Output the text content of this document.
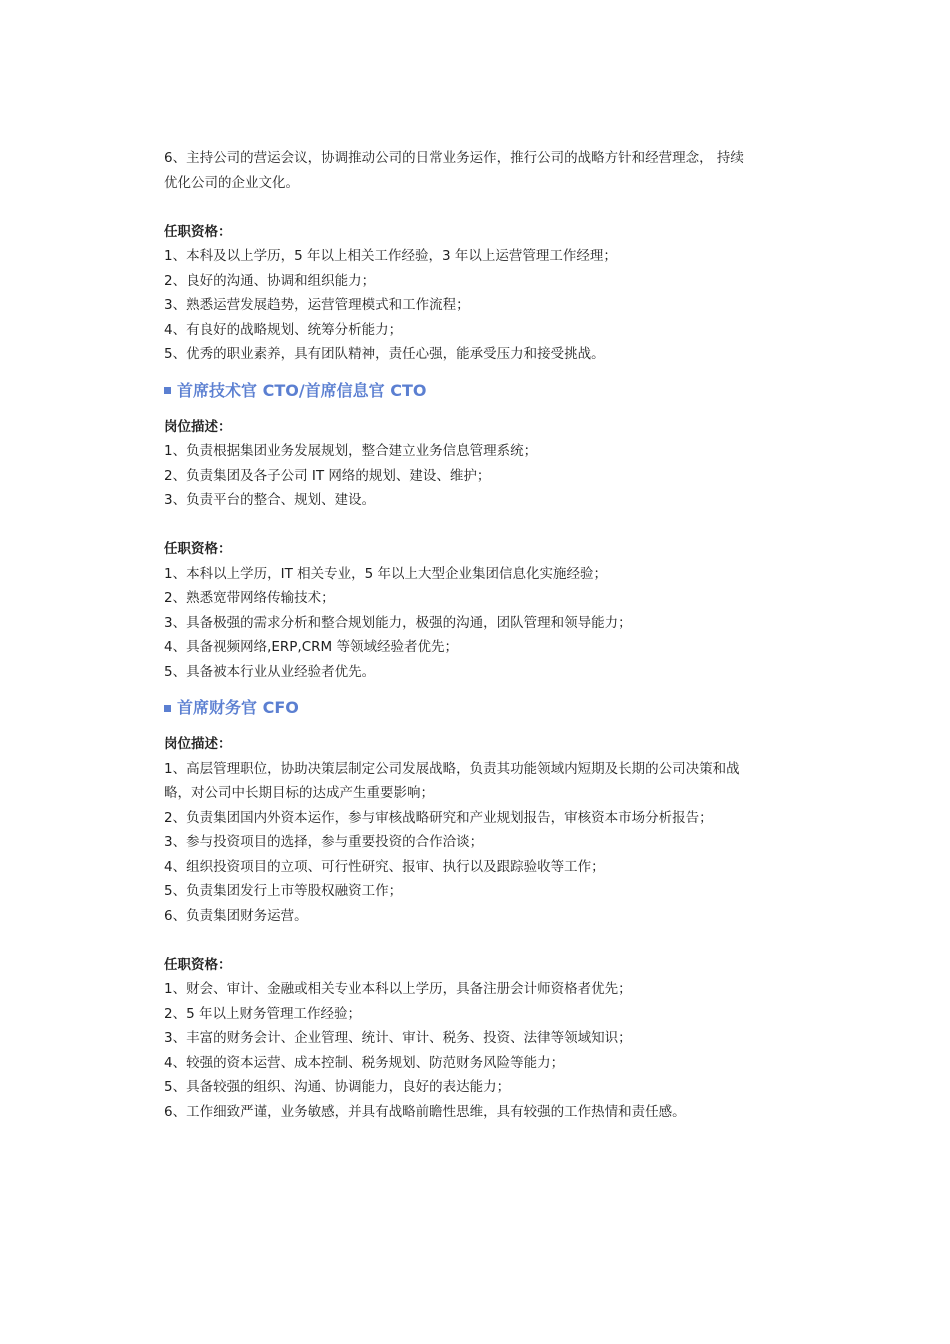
6、主持公司的营运会议，协调推动公司的日常业务运作，推行公司的战略方针和经营理念， 持续
优化公司的企业文化。
任职资格：
1、本科及以上学历，5 年以上相关工作经验，3 年以上运营管理工作经理；
2、良好的沟通、协调和组织能力；
3、熟悉运营发展趋势，运营管理模式和工作流程；
4、有良好的战略规划、统筹分析能力；
5、优秀的职业素养，具有团队精神，责任心强，能承受压力和接受挑战。
首席技术官 CTO/首席信息官 CTO
岗位描述：
1、负责根据集团业务发展规划，整合建立业务信息管理系统；
2、负责集团及各子公司 IT 网络的规划、建设、维护；
3、负责平台的整合、规划、建设。
任职资格：
1、本科以上学历，IT 相关专业，5 年以上大型企业集团信息化实施经验；
2、熟悉宽带网络传输技术；
3、具备极强的需求分析和整合规划能力，极强的沟通，团队管理和领导能力；
4、具备视频网络,ERP,CRM 等领域经验者优先；
5、具备被本行业从业经验者优先。
首席财务官 CFO
岗位描述：
1、高层管理职位，协助决策层制定公司发展战略，负责其功能领域内短期及长期的公司决策和战
略，对公司中长期目标的达成产生重要影响；
2、负责集团国内外资本运作，参与审核战略研究和产业规划报告，审核资本市场分析报告；
3、参与投资项目的选择，参与重要投资的合作洽谈；
4、组织投资项目的立项、可行性研究、报审、执行以及跟踪验收等工作；
5、负责集团发行上市等股权融资工作；
6、负责集团财务运营。
任职资格：
1、财会、审计、金融或相关专业本科以上学历，具备注册会计师资格者优先；
2、5 年以上财务管理工作经验；
3、丰富的财务会计、企业管理、统计、审计、税务、投资、法律等领域知识；
4、较强的资本运营、成本控制、税务规划、防范财务风险等能力；
5、具备较强的组织、沟通、协调能力，良好的表达能力；
6、工作细致严谨，业务敏感，并具有战略前瞻性思维，具有较强的工作热情和责任感。
